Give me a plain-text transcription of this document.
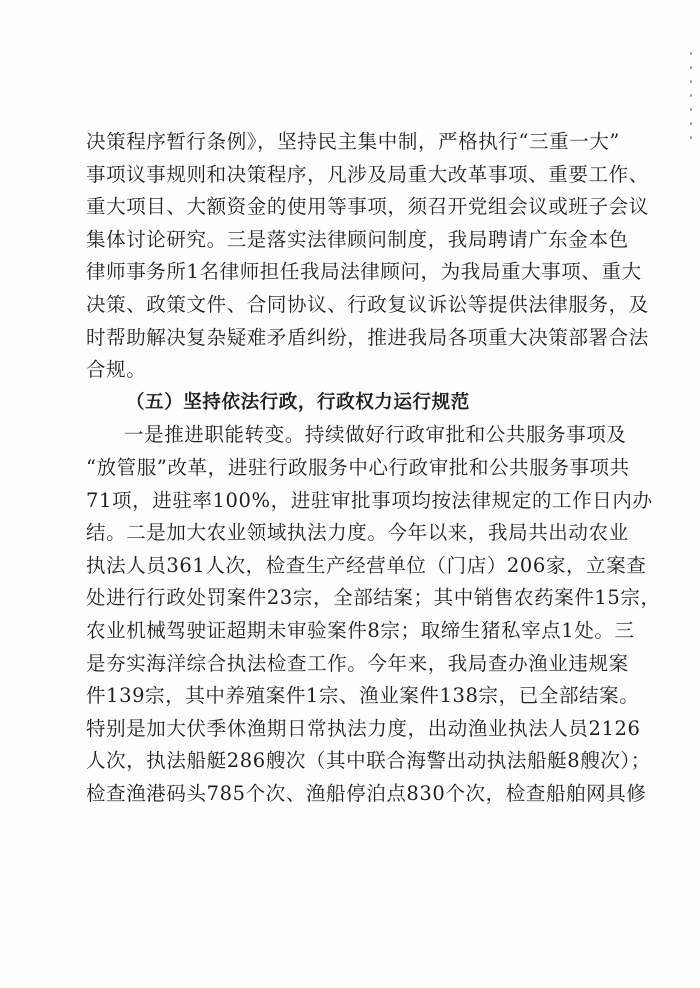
决策程序暂行条例》，坚持民主集中制，严格执行“三重一大”
事项议事规则和决策程序，凡涉及局重大改革事项、重要工作、
重大项目、大额资金的使用等事项，须召开党组会议或班子会议
集体讨论研究。三是落实法律顾问制度，我局聘请广东金本色
律师事务所1名律师担任我局法律顾问，为我局重大事项、重大
决策、政策文件、合同协议、行政复议诉讼等提供法律服务，及
时帮助解决复杂疑难矛盾纠纷，推进我局各项重大决策部署合法
合规。
（五）坚持依法行政，行政权力运行规范
一是推进职能转变。持续做好行政审批和公共服务事项及
“放管服”改革，进驻行政服务中心行政审批和公共服务事项共
71项，进驻率100%，进驻审批事项均按法律规定的工作日内办
结。二是加大农业领域执法力度。今年以来，我局共出动农业
执法人员361人次，检查生产经营单位（门店）206家，立案查
处进行行政处罚案件23宗，全部结案；其中销售农药案件15宗，
农业机械驾驶证超期未审验案件8宗；取缔生猪私宰点1处。三
是夯实海洋综合执法检查工作。今年来，我局查办渔业违规案
件139宗，其中养殖案件1宗、渔业案件138宗，已全部结案。
特别是加大伏季休渔期日常执法力度，出动渔业执法人员2126
人次，执法船艇286艘次（其中联合海警出动执法船艇8艘次）；
检查渔港码头785个次、渔船停泊点830个次，检查船舶网具修
